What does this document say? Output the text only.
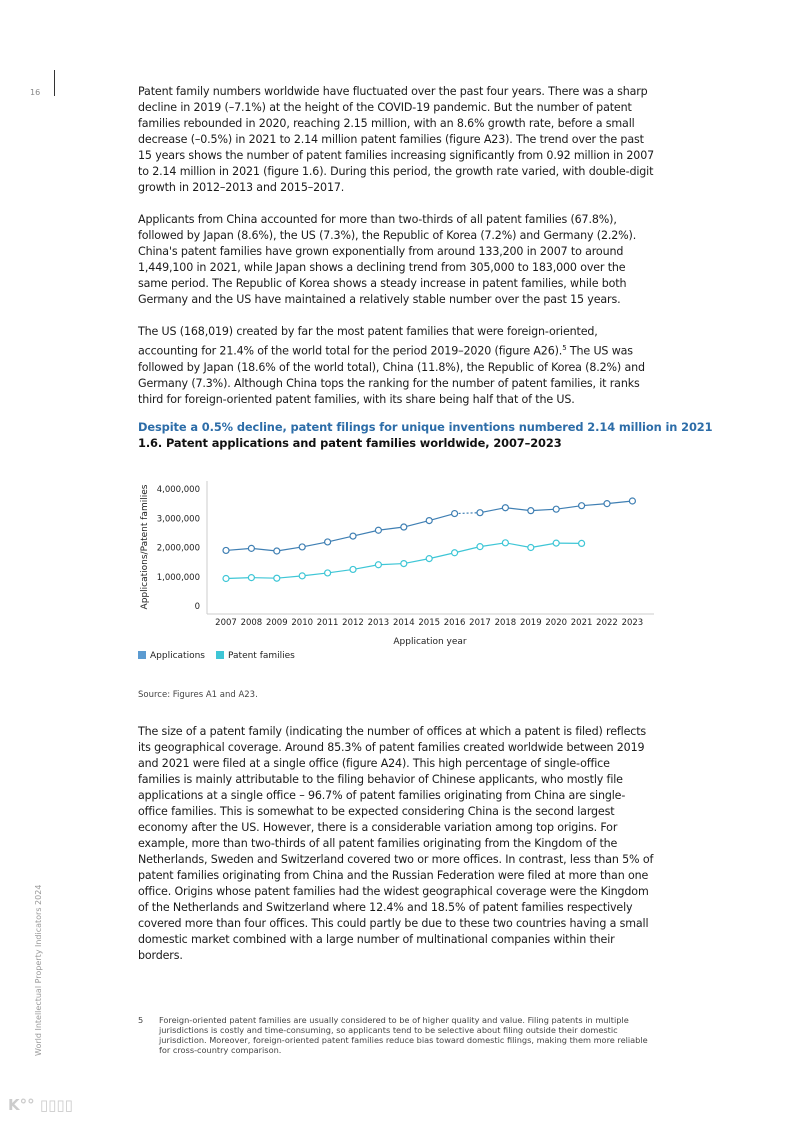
16	Patent family numbers worldwide have fluctuated over the past four years. There was a sharp decline in 2019 (–7.1%) at the height of the COVID-19 pandemic. But the number of patent families rebounded in 2020, reaching 2.15 million, with an 8.6% growth rate, before a small decrease (–0.5%) in 2021 to 2.14 million patent families (figure A23). The trend over the past 15 years shows the number of patent families increasing significantly from 0.92 million in 2007 to 2.14 million in 2021 (figure 1.6). During this period, the growth rate varied, with double-digit growth in 2012–2013 and 2015–2017.

Applicants from China accounted for more than two-thirds of all patent families (67.8%), followed by Japan (8.6%), the US (7.3%), the Republic of Korea (7.2%) and Germany (2.2%). China's patent families have grown exponentially from around 133,200 in 2007 to around 1,449,100 in 2021, while Japan shows a declining trend from 305,000 to 183,000 over the same period. The Republic of Korea shows a steady increase in patent families, while both Germany and the US have maintained a relatively stable number over the past 15 years.

The US (168,019) created by far the most patent families that were foreign-oriented, accounting for 21.4% of the world total for the period 2019–2020 (figure A26).$^5$ The US was followed by Japan (18.6% of the world total), China (11.8%), the Republic of Korea (8.2%) and Germany (7.3%). Although China tops the ranking for the number of patent families, it ranks third for foreign-oriented patent families, with its share being half that of the US.

Despite a 0.5% decline, patent filings for unique inventions numbered 2.14 million in 2021
1.6. Patent applications and patent families worldwide, 2007–2023
0
1,000,000
2,000,000
3,000,000
4,000,000
2007 2008 2009 2010 2011 2012 2013 2014 2015 2016 2017 2018 2019 2020 2021 2022 2023
Applications/Patent families
Application year
Applications	Patent families
Source: Figures A1 and A23.

The size of a patent family (indicating the number of offices at which a patent is filed) reflects its geographical coverage. Around 85.3% of patent families created worldwide between 2019 and 2021 were filed at a single office (figure A24). This high percentage of single-office families is mainly attributable to the filing behavior of Chinese applicants, who mostly file applications at a single office – 96.7% of patent families originating from China are single-office families. This is somewhat to be expected considering China is the second largest economy after the US. However, there is a considerable variation among top origins. For example, more than two-thirds of all patent families originating from the Kingdom of the Netherlands, Sweden and Switzerland covered two or more offices. In contrast, less than 5% of patent families originating from China and the Russian Federation were filed at more than one office. Origins whose patent families had the widest geographical coverage were the Kingdom of the Netherlands and Switzerland where 12.4% and 18.5% of patent families respectively covered more than four offices. This could partly be due to these two countries having a small domestic market combined with a large number of multinational companies within their borders.

5 Foreign-oriented patent families are usually considered to be of higher quality and value. Filing patents in multiple jurisdictions is costly and time-consuming, so applicants tend to be selective about filing outside their domestic jurisdiction. Moreover, foreign-oriented patent families reduce bias toward domestic filings, making them more reliable for cross-country comparison.
World Intellectual Property Indicators 2024
K°° ▯▯▯▯
